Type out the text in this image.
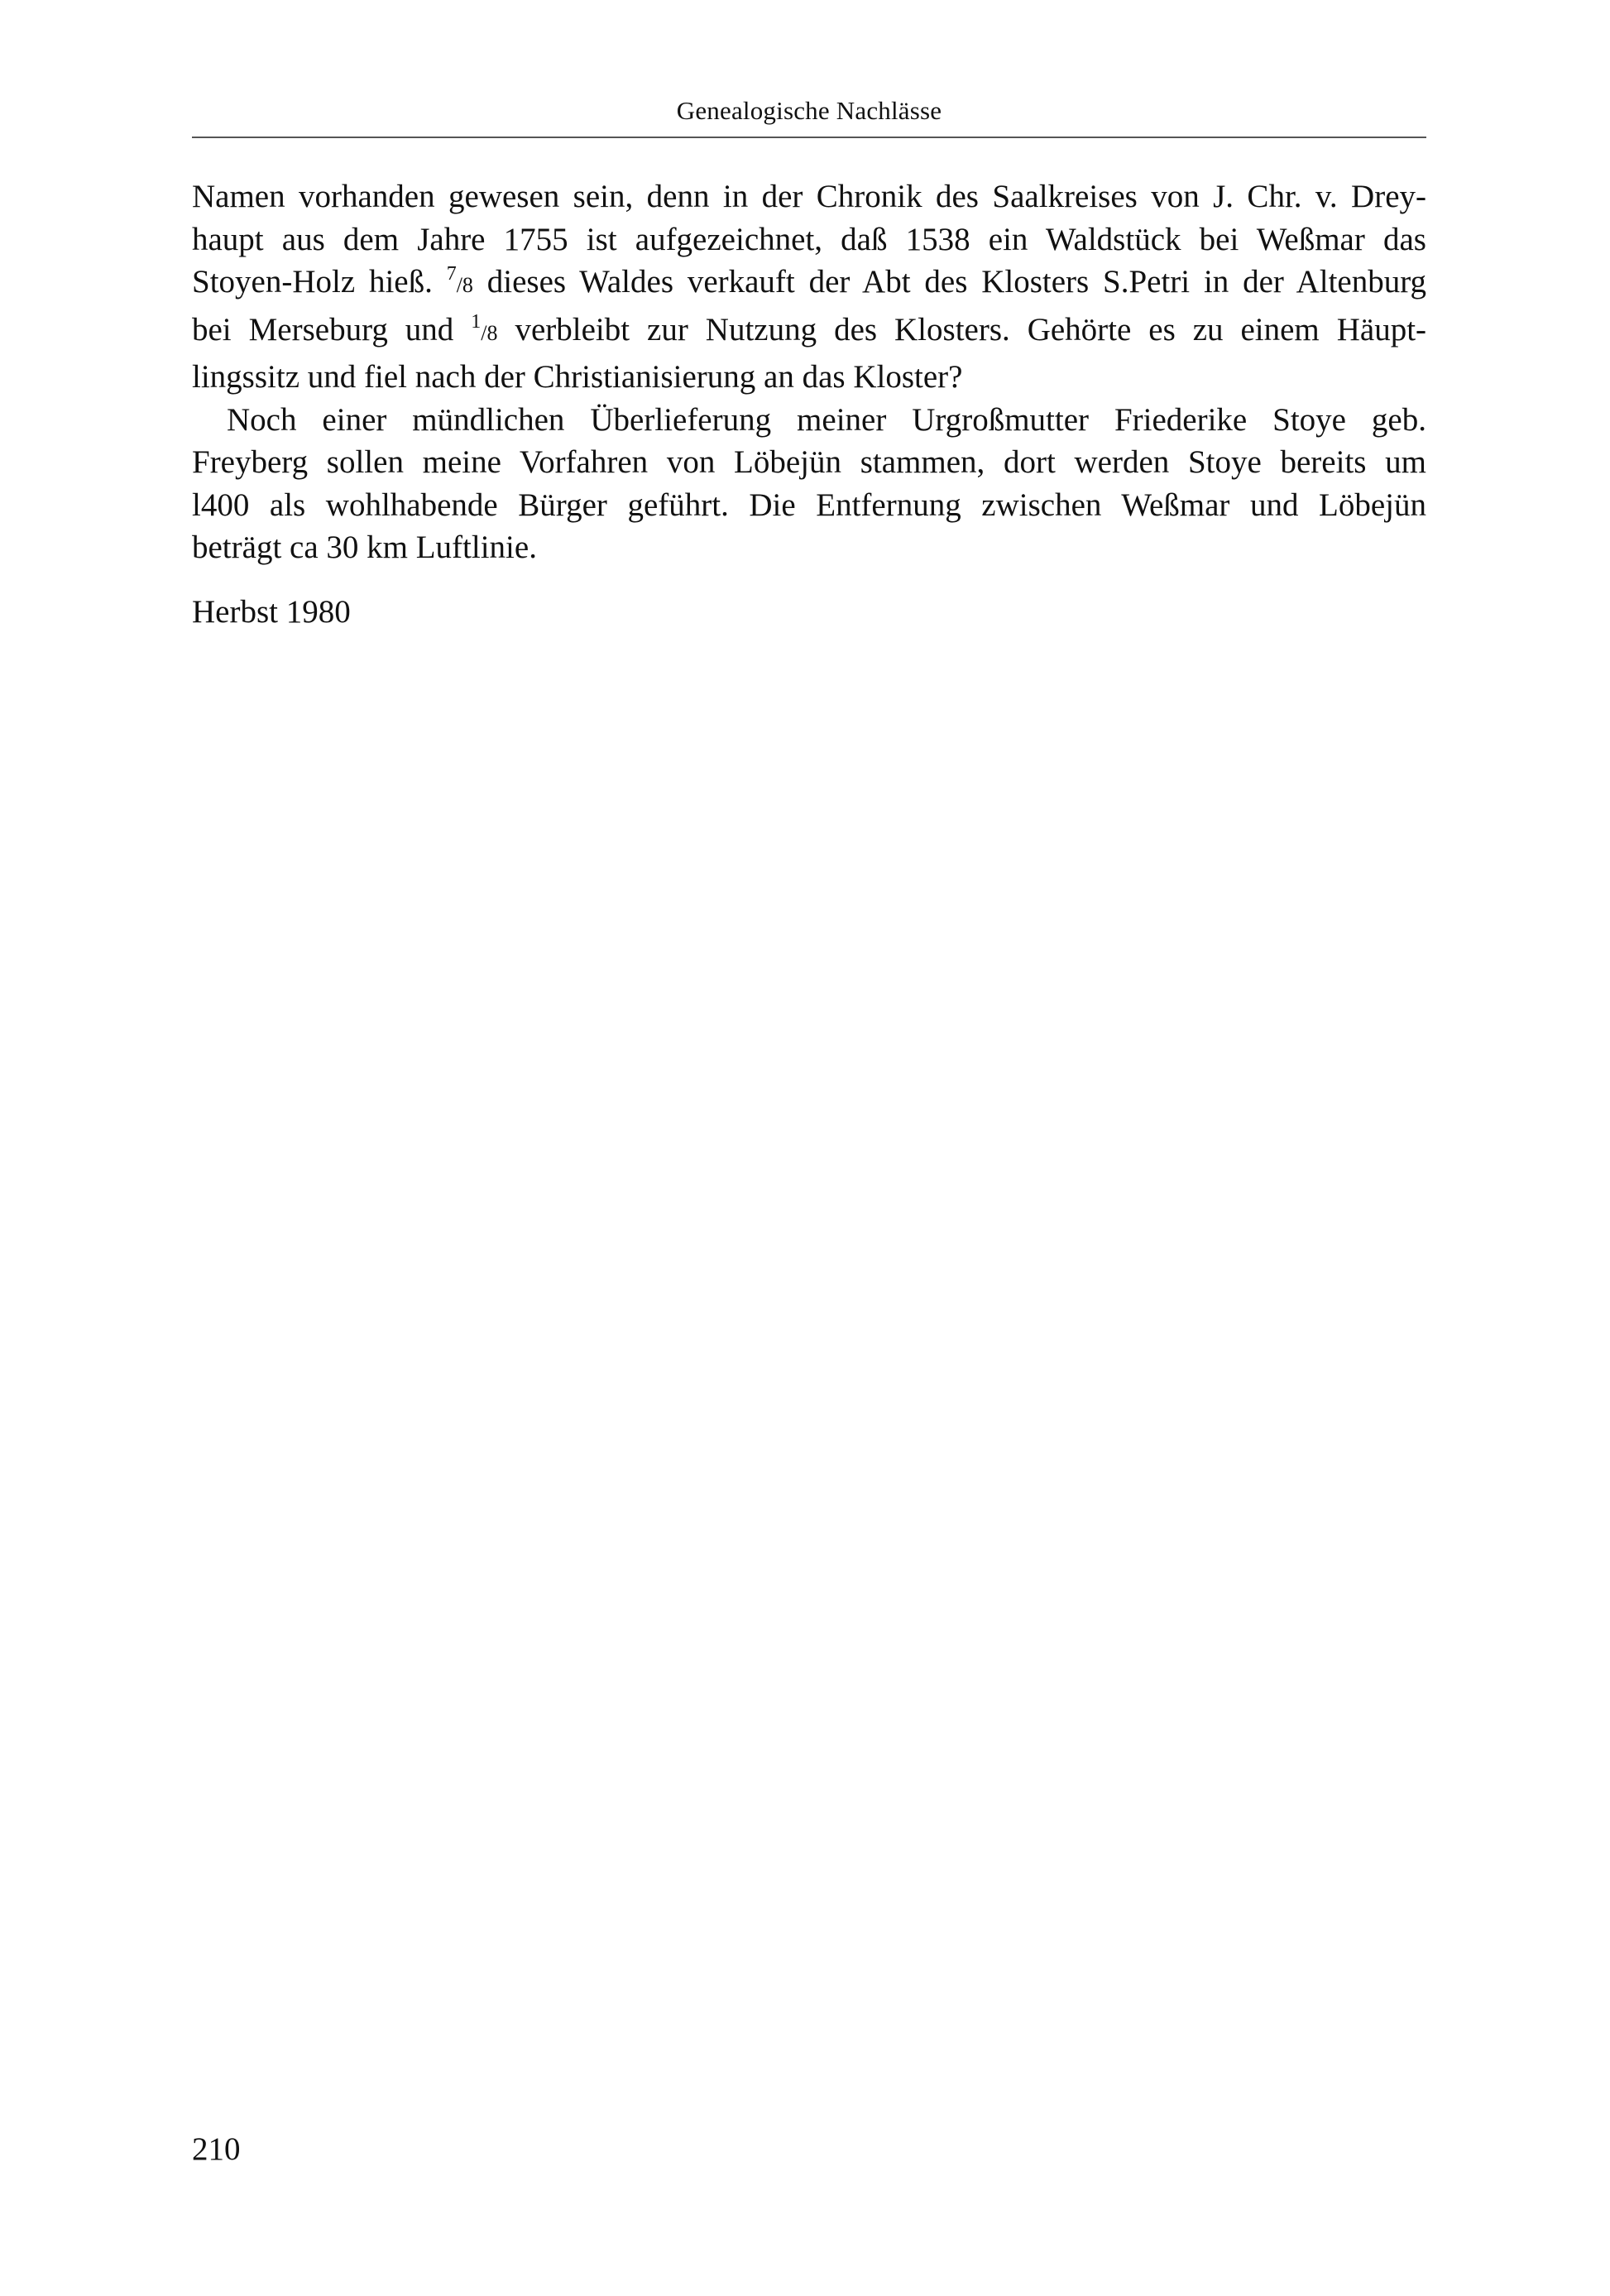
Genealogische Nachlässe
Namen vorhanden gewesen sein, denn in der Chronik des Saalkreises von J. Chr. v. Drey-
haupt aus dem Jahre 1755 ist aufgezeichnet, daß 1538 ein Waldstück bei Weßmar das
Stoyen-Holz hieß. $^7$/8 dieses Waldes verkauft der Abt des Klosters S.Petri in der Altenburg
bei Merseburg und $^1$/8 verbleibt zur Nutzung des Klosters. Gehörte es zu einem Häupt-
lingssitz und fiel nach der Christianisierung an das Kloster?
Noch einer mündlichen Überlieferung meiner Urgroßmutter Friederike Stoye geb.
Freyberg sollen meine Vorfahren von Löbejün stammen, dort werden Stoye bereits um
l400 als wohlhabende Bürger geführt. Die Entfernung zwischen Weßmar und Löbejün
beträgt ca 30 km Luftlinie.
Herbst 1980
210
